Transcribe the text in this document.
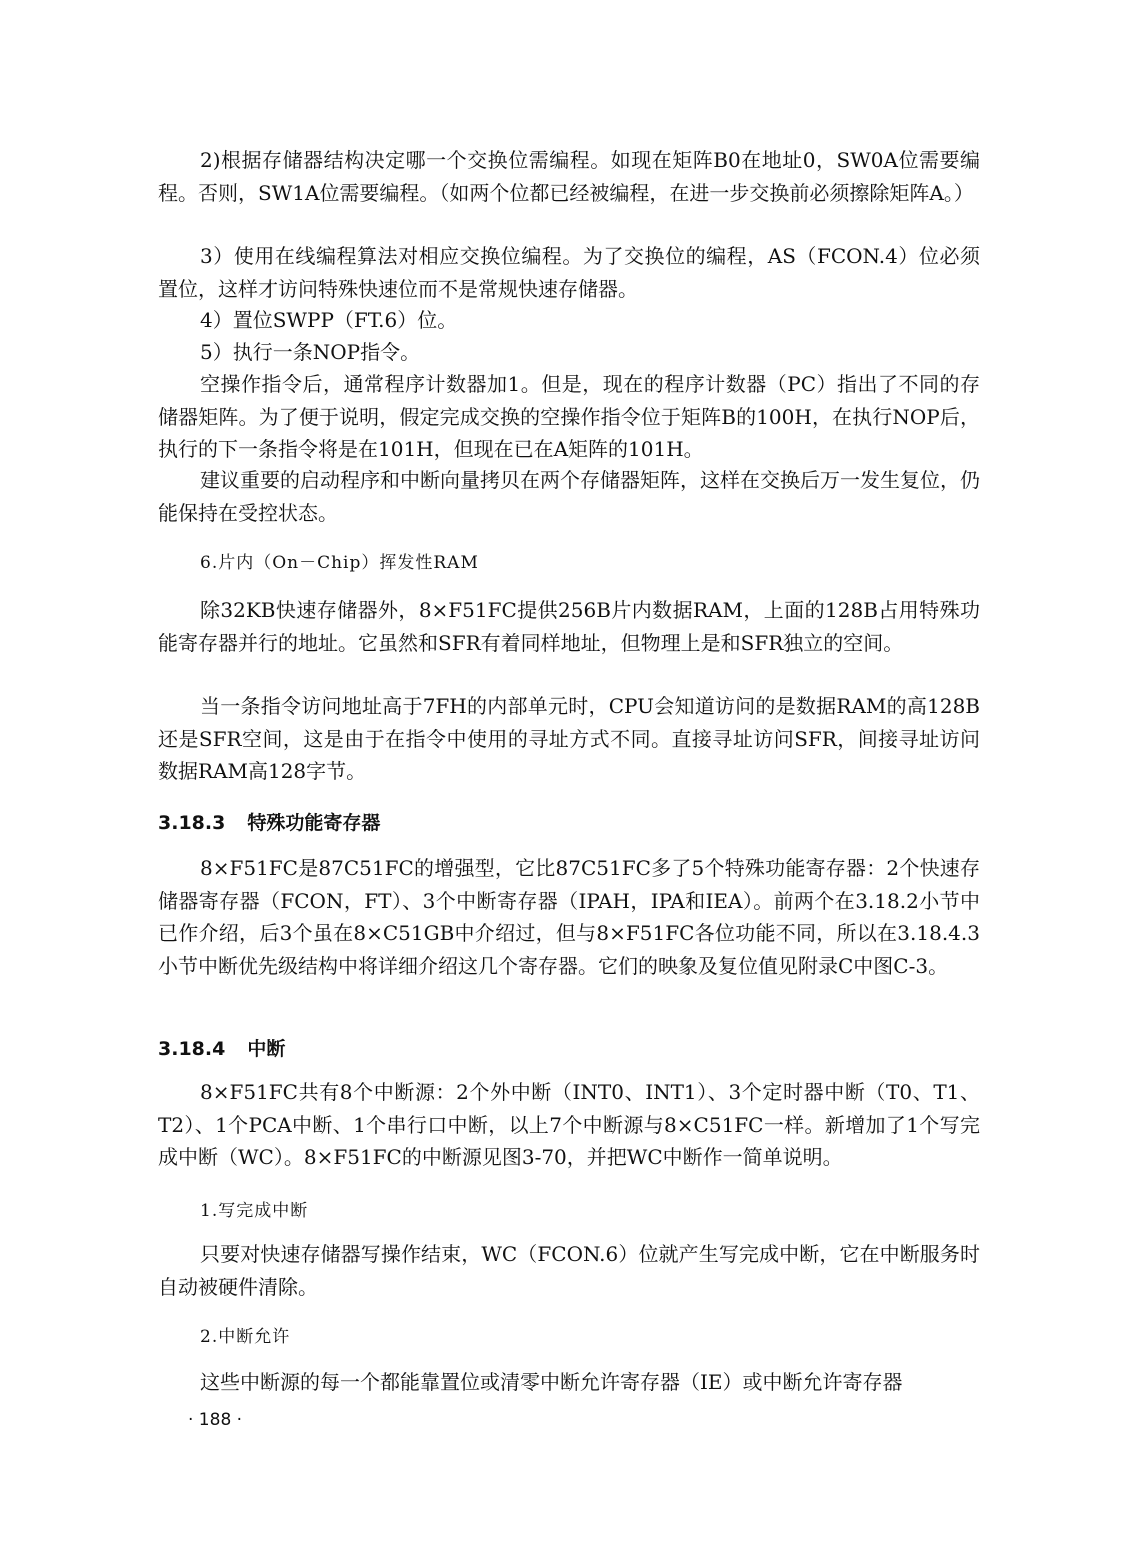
2)根据存储器结构决定哪一个交换位需编程。如现在矩阵B0在地址0，SW0A位需要编程。否则，SW1A位需要编程。（如两个位都已经被编程，在进一步交换前必须擦除矩阵A。）

3）使用在线编程算法对相应交换位编程。为了交换位的编程，AS（FCON.4）位必须置位，这样才访问特殊快速位而不是常规快速存储器。

4）置位SWPP（FT.6）位。

5）执行一条NOP指令。

空操作指令后，通常程序计数器加1。但是，现在的程序计数器（PC）指出了不同的存储器矩阵。为了便于说明，假定完成交换的空操作指令位于矩阵B的100H，在执行NOP后，执行的下一条指令将是在101H，但现在已在A矩阵的101H。

建议重要的启动程序和中断向量拷贝在两个存储器矩阵，这样在交换后万一发生复位，仍能保持在受控状态。

6.片内（On－Chip）挥发性RAM

除32KB快速存储器外，8×F51FC提供256B片内数据RAM，上面的128B占用特殊功能寄存器并行的地址。它虽然和SFR有着同样地址，但物理上是和SFR独立的空间。

当一条指令访问地址高于7FH的内部单元时，CPU会知道访问的是数据RAM的高128B还是SFR空间，这是由于在指令中使用的寻址方式不同。直接寻址访问SFR，间接寻址访问数据RAM高128字节。

3.18.3 特殊功能寄存器

8×F51FC是87C51FC的增强型，它比87C51FC多了5个特殊功能寄存器：2个快速存储器寄存器（FCON，FT）、3个中断寄存器（IPAH，IPA和IEA）。前两个在3.18.2小节中已作介绍，后3个虽在8×C51GB中介绍过，但与8×F51FC各位功能不同，所以在3.18.4.3小节中断优先级结构中将详细介绍这几个寄存器。它们的映象及复位值见附录C中图C-3。

3.18.4 中断

8×F51FC共有8个中断源：2个外中断（INT0、INT1）、3个定时器中断（T0、T1、T2）、1个PCA中断、1个串行口中断，以上7个中断源与8×C51FC一样。新增加了1个写完成中断（WC）。8×F51FC的中断源见图3-70，并把WC中断作一简单说明。

1.写完成中断

只要对快速存储器写操作结束，WC（FCON.6）位就产生写完成中断，它在中断服务时自动被硬件清除。

2.中断允许

这些中断源的每一个都能靠置位或清零中断允许寄存器（IE）或中断允许寄存器

· 188 ·
